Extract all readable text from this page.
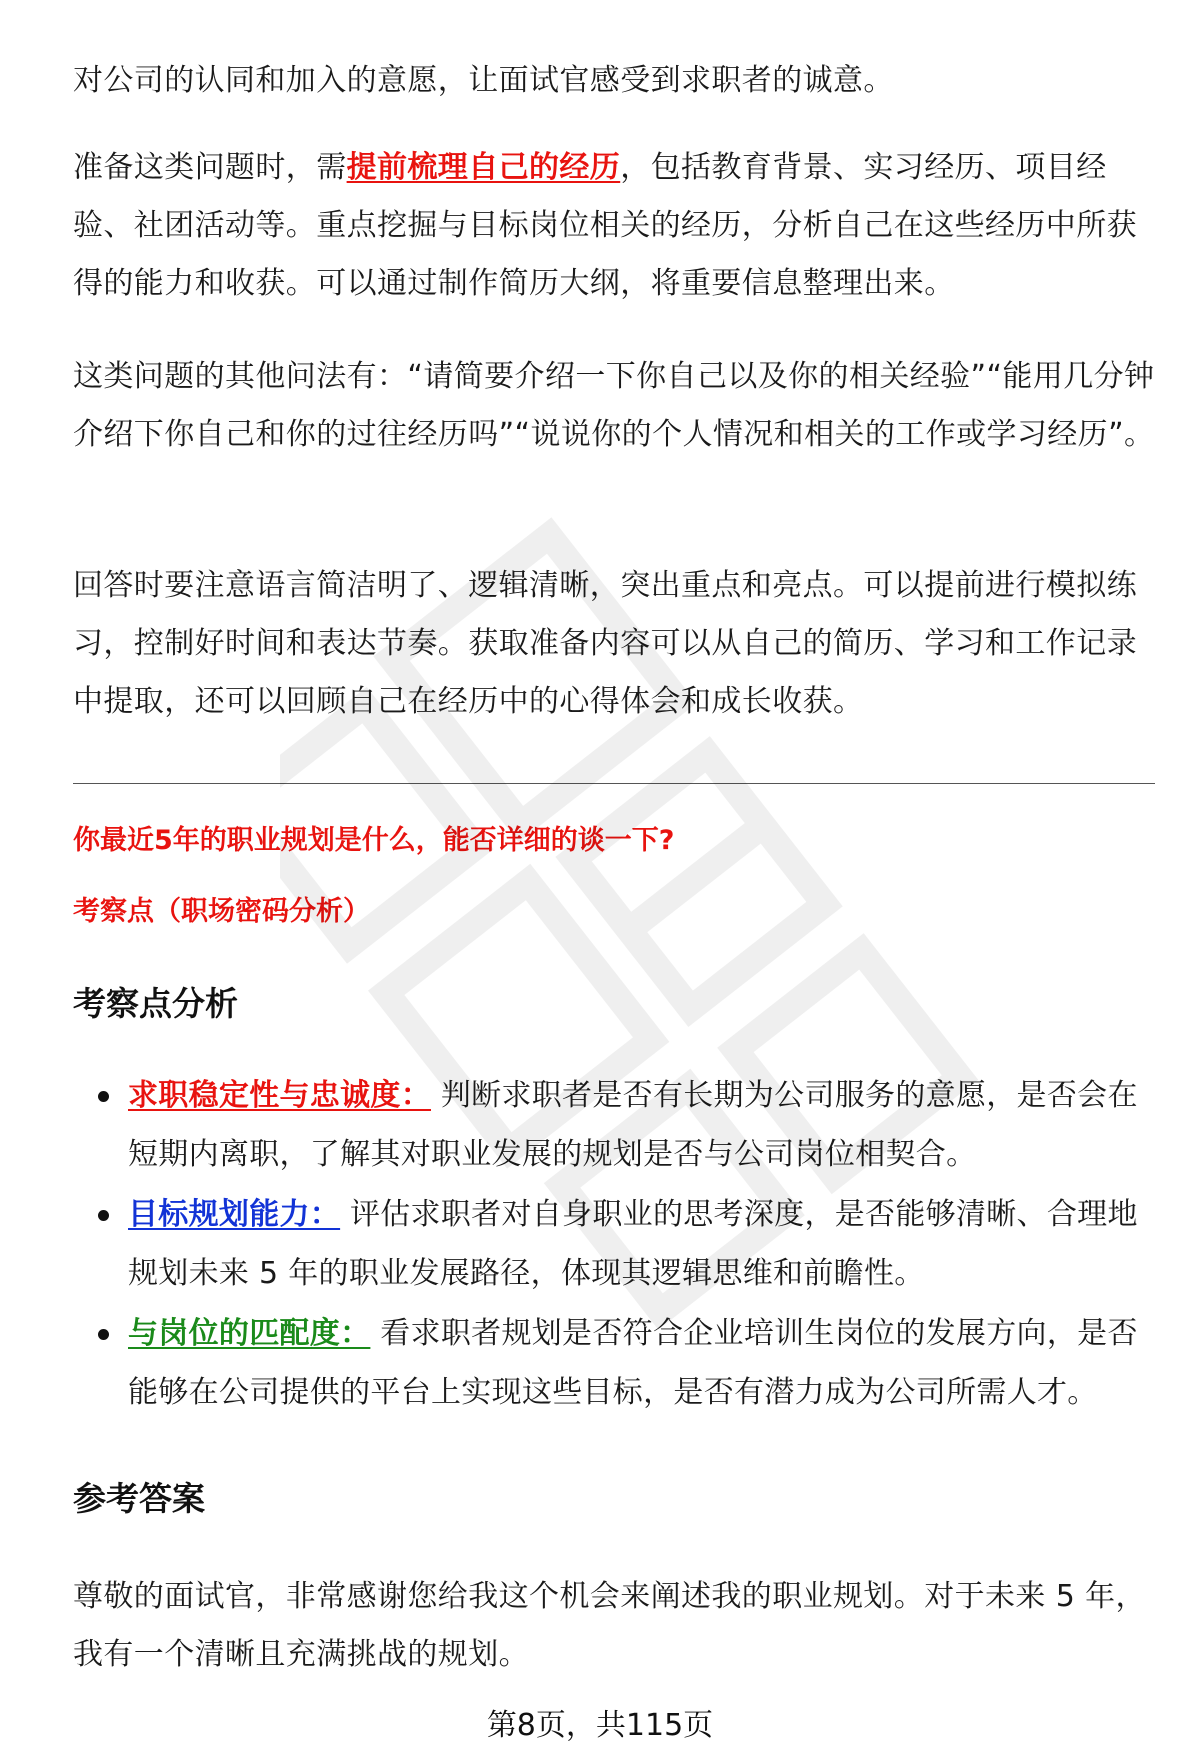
对公司的认同和加入的意愿，让面试官感受到求职者的诚意。

准备这类问题时，需提前梳理自己的经历，包括教育背景、实习经历、项目经验、社团活动等。重点挖掘与目标岗位相关的经历，分析自己在这些经历中所获得的能力和收获。可以通过制作简历大纲，将重要信息整理出来。

这类问题的其他问法有：“请简要介绍一下你自己以及你的相关经验”“能用几分钟介绍下你自己和你的过往经历吗”“说说你的个人情况和相关的工作或学习经历”。

回答时要注意语言简洁明了、逻辑清晰，突出重点和亮点。可以提前进行模拟练习，控制好时间和表达节奏。获取准备内容可以从自己的简历、学习和工作记录中提取，还可以回顾自己在经历中的心得体会和成长收获。

你最近5年的职业规划是什么，能否详细的谈一下?

考察点（职场密码分析）

考察点分析
求职稳定性与忠诚度： 判断求职者是否有长期为公司服务的意愿，是否会在短期内离职，了解其对职业发展的规划是否与公司岗位相契合。
目标规划能力： 评估求职者对自身职业的思考深度，是否能够清晰、合理地规划未来 5 年的职业发展路径，体现其逻辑思维和前瞻性。
与岗位的匹配度： 看求职者规划是否符合企业培训生岗位的发展方向，是否能够在公司提供的平台上实现这些目标，是否有潜力成为公司所需人才。
参考答案

尊敬的面试官，非常感谢您给我这个机会来阐述我的职业规划。对于未来 5 年，我有一个清晰且充满挑战的规划。

第8页，共115页
